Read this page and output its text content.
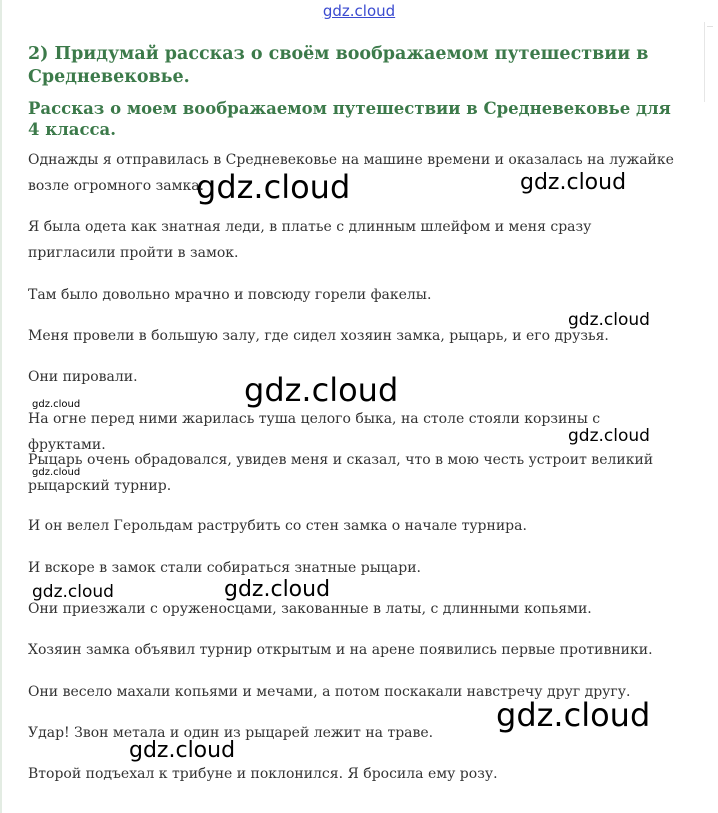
gdz.cloud
2) Придумай рассказ о своём воображаемом путешествии в Средневековье.
Рассказ о моем воображаемом путешествии в Средневековье для 4 класса.

Однажды я отправилась в Средневековье на машине времени и оказалась на лужайке возле огромного замка.

Я была одета как знатная леди, в платье с длинным шлейфом и меня сразу пригласили пройти в замок.

Там было довольно мрачно и повсюду горели факелы.

Меня провели в большую залу, где сидел хозяин замка, рыцарь, и его друзья.

Они пировали.

На огне перед ними жарилась туша целого быка, на столе стояли корзины с фруктами.

Рыцарь очень обрадовался, увидев меня и сказал, что в мою честь устроит великий рыцарский турнир.

И он велел Герольдам раструбить со стен замка о начале турнира.

И вскоре в замок стали собираться знатные рыцари.

Они приезжали с оруженосцами, закованные в латы, с длинными копьями.

Хозяин замка объявил турнир открытым и на арене появились первые противники.

Они весело махали копьями и мечами, а потом поскакали навстречу друг другу.

Удар! Звон метала и один из рыцарей лежит на траве.

Второй подъехал к трибуне и поклонился. Я бросила ему розу.

gdz.cloud	gdz.cloud
gdz.cloud
gdz.cloud
gdz.cloud
gdz.cloud
gdz.cloud
gdz.cloud	gdz.cloud
gdz.cloud
gdz.cloud
